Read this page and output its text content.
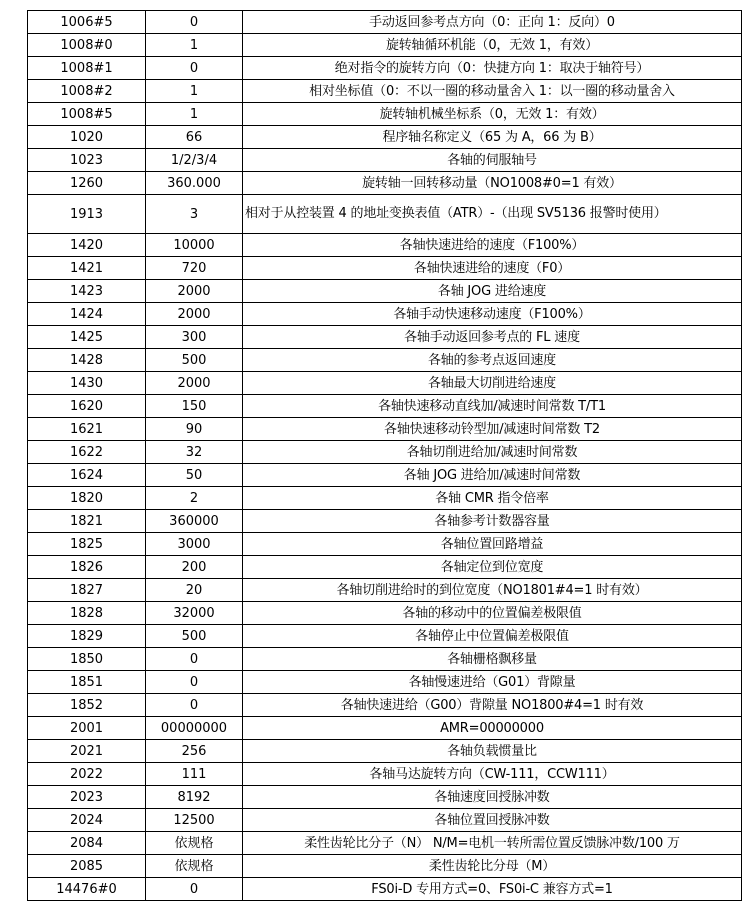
1006#5	0	手动返回参考点方向（0：正向 1：反向）0
1008#0	1	旋转轴循环机能（0，无效 1，有效）
1008#1	0	绝对指令的旋转方向（0：快捷方向 1：取决于轴符号）
1008#2	1	相对坐标值（0：不以一圈的移动量舍入 1：以一圈的移动量舍入
1008#5	1	旋转轴机械坐标系（0，无效 1：有效）
1020	66	程序轴名称定义（65 为 A，66 为 B）
1023	1/2/3/4	各轴的伺服轴号
1260	360.000	旋转轴一回转移动量（NO1008#0=1 有效）
1913	3	相对于从控装置 4 的地址变换表值（ATR）-（出现 SV5136 报警时使用）
1420	10000	各轴快速进给的速度（F100%）
1421	720	各轴快速进给的速度（F0）
1423	2000	各轴 JOG 进给速度
1424	2000	各轴手动快速移动速度（F100%）
1425	300	各轴手动返回参考点的 FL 速度
1428	500	各轴的参考点返回速度
1430	2000	各轴最大切削进给速度
1620	150	各轴快速移动直线加/减速时间常数 T/T1
1621	90	各轴快速移动铃型加/减速时间常数 T2
1622	32	各轴切削进给加/减速时间常数
1624	50	各轴 JOG 进给加/减速时间常数
1820	2	各轴 CMR 指令倍率
1821	360000	各轴参考计数器容量
1825	3000	各轴位置回路增益
1826	200	各轴定位到位宽度
1827	20	各轴切削进给时的到位宽度（NO1801#4=1 时有效）
1828	32000	各轴的移动中的位置偏差极限值
1829	500	各轴停止中位置偏差极限值
1850	0	各轴栅格飘移量
1851	0	各轴慢速进给（G01）背隙量
1852	0	各轴快速进给（G00）背隙量 NO1800#4=1 时有效
2001	00000000	AMR=00000000
2021	256	各轴负载惯量比
2022	111	各轴马达旋转方向（CW-111，CCW111）
2023	8192	各轴速度回授脉冲数
2024	12500	各轴位置回授脉冲数
2084	依规格	柔性齿轮比分子（N） N/M=电机一转所需位置反馈脉冲数/100 万
2085	依规格	柔性齿轮比分母（M）
14476#0	0	FS0i-D 专用方式=0、FS0i-C 兼容方式=1
